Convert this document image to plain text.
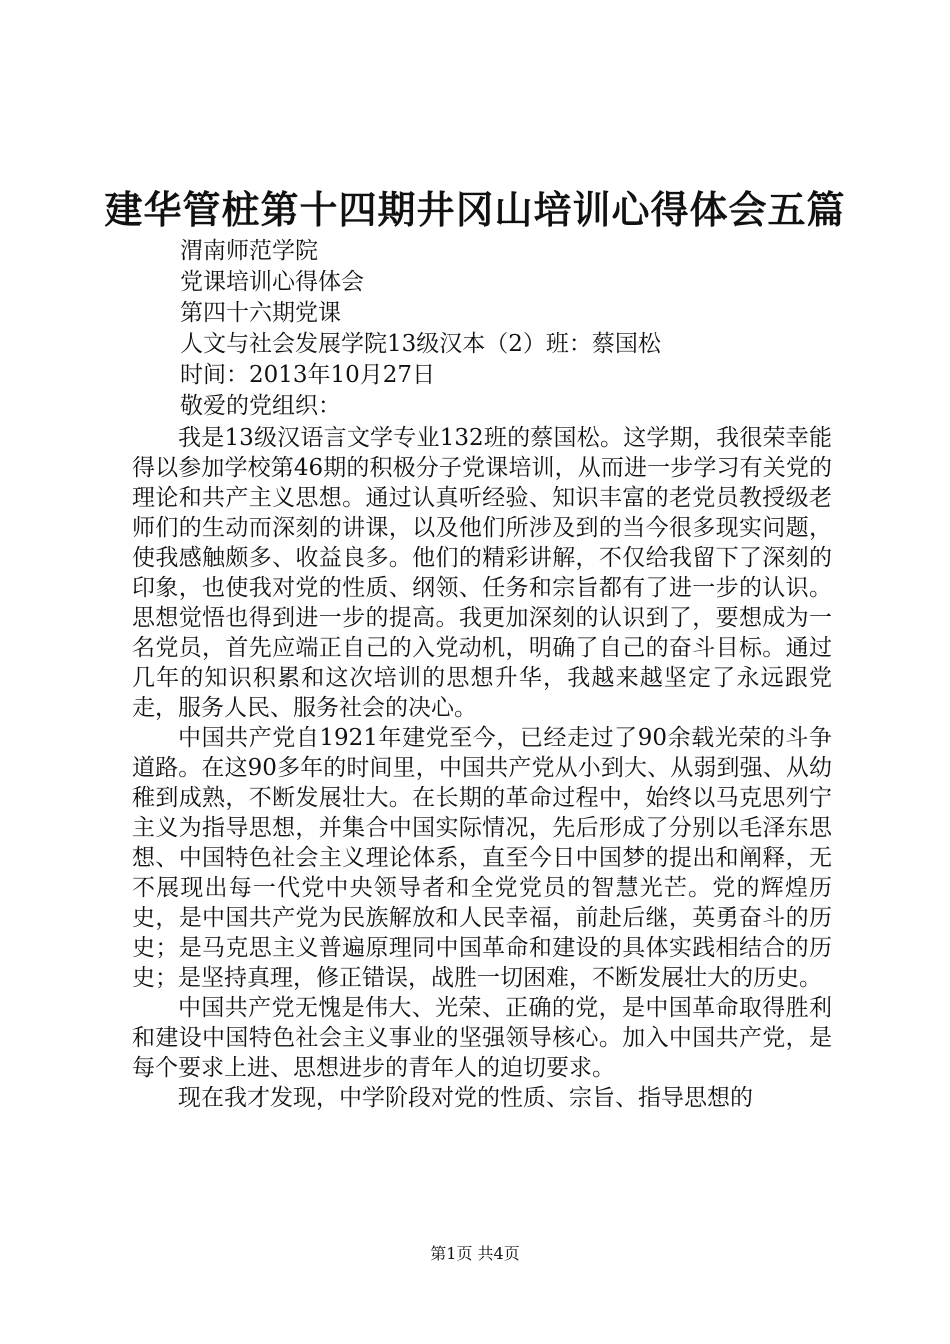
建华管桩第十四期井冈山培训心得体会五篇

渭南师范学院

党课培训心得体会

第四十六期党课

人文与社会发展学院13级汉本（2）班：蔡国松

时间：2013年10月27日

敬爱的党组织：

我是13级汉语言文学专业132班的蔡国松。这学期，我很荣幸能得以参加学校第46期的积极分子党课培训，从而进一步学习有关党的理论和共产主义思想。通过认真听经验、知识丰富的老党员教授级老师们的生动而深刻的讲课，以及他们所涉及到的当今很多现实问题，使我感触颇多、收益良多。他们的精彩讲解，不仅给我留下了深刻的印象，也使我对党的性质、纲领、任务和宗旨都有了进一步的认识。思想觉悟也得到进一步的提高。我更加深刻的认识到了，要想成为一名党员，首先应端正自己的入党动机，明确了自己的奋斗目标。通过几年的知识积累和这次培训的思想升华，我越来越坚定了永远跟党走，服务人民、服务社会的决心。

中国共产党自1921年建党至今，已经走过了90余载光荣的斗争道路。在这90多年的时间里，中国共产党从小到大、从弱到强、从幼稚到成熟，不断发展壮大。在长期的革命过程中，始终以马克思列宁主义为指导思想，并集合中国实际情况，先后形成了分别以毛泽东思想、中国特色社会主义理论体系，直至今日中国梦的提出和阐释，无不展现出每一代党中央领导者和全党党员的智慧光芒。党的辉煌历史，是中国共产党为民族解放和人民幸福，前赴后继，英勇奋斗的历史；是马克思主义普遍原理同中国革命和建设的具体实践相结合的历史；是坚持真理，修正错误，战胜一切困难，不断发展壮大的历史。

中国共产党无愧是伟大、光荣、正确的党，是中国革命取得胜利和建设中国特色社会主义事业的坚强领导核心。加入中国共产党，是每个要求上进、思想进步的青年人的迫切要求。

现在我才发现，中学阶段对党的性质、宗旨、指导思想的

第1页 共4页
